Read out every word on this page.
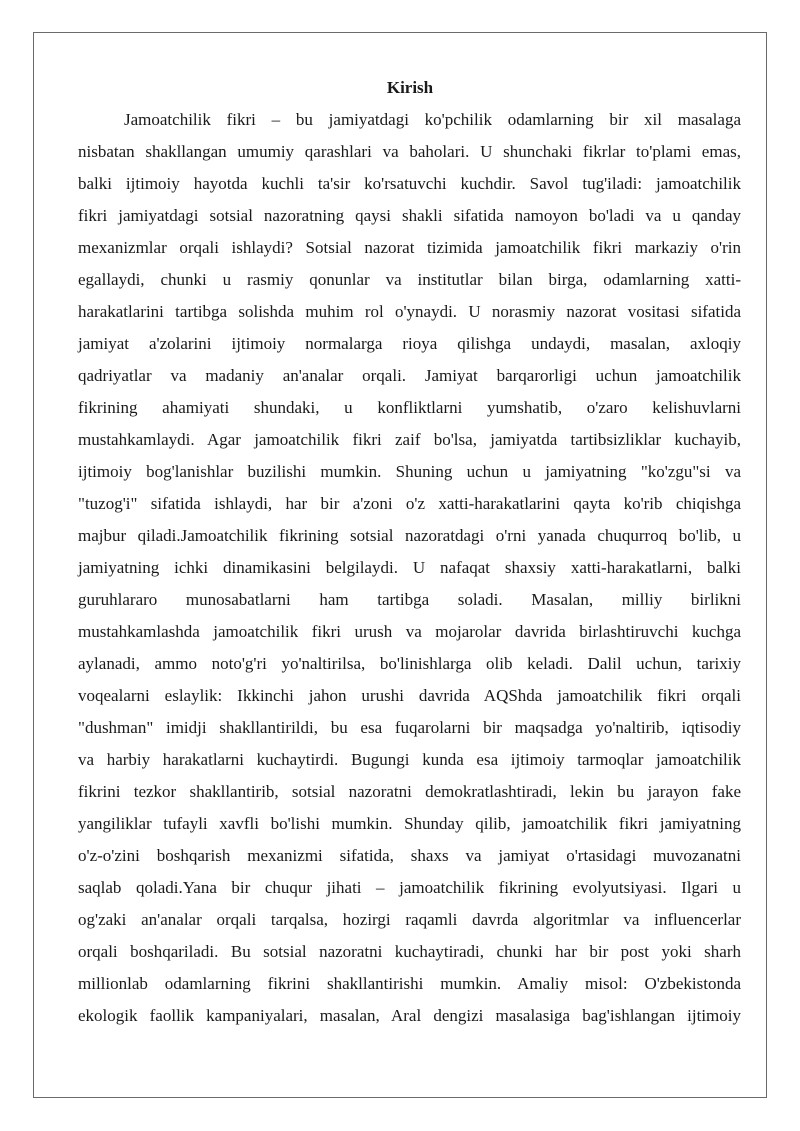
Kirish
Jamoatchilik fikri – bu jamiyatdagi ko'pchilik odamlarning bir xil masalaga
nisbatan shakllangan umumiy qarashlari va baholari. U shunchaki fikrlar to'plami emas,
balki ijtimoiy hayotda kuchli ta'sir ko'rsatuvchi kuchdir. Savol tug'iladi: jamoatchilik
fikri jamiyatdagi sotsial nazoratning qaysi shakli sifatida namoyon bo'ladi va u qanday
mexanizmlar orqali ishlaydi? Sotsial nazorat tizimida jamoatchilik fikri markaziy o'rin
egallaydi, chunki u rasmiy qonunlar va institutlar bilan birga, odamlarning xatti-
harakatlarini tartibga solishda muhim rol o'ynaydi. U norasmiy nazorat vositasi sifatida
jamiyat a'zolarini ijtimoiy normalarga rioya qilishga undaydi, masalan, axloqiy
qadriyatlar va madaniy an'analar orqali. Jamiyat barqarorligi uchun jamoatchilik
fikrining ahamiyati shundaki, u konfliktlarni yumshatib, o'zaro kelishuvlarni
mustahkamlaydi. Agar jamoatchilik fikri zaif bo'lsa, jamiyatda tartibsizliklar kuchayib,
ijtimoiy bog'lanishlar buzilishi mumkin. Shuning uchun u jamiyatning "ko'zgu"si va
"tuzog'i" sifatida ishlaydi, har bir a'zoni o'z xatti-harakatlarini qayta ko'rib chiqishga
majbur qiladi.Jamoatchilik fikrining sotsial nazoratdagi o'rni yanada chuqurroq bo'lib, u
jamiyatning ichki dinamikasini belgilaydi. U nafaqat shaxsiy xatti-harakatlarni, balki
guruhlararo munosabatlarni ham tartibga soladi. Masalan, milliy birlikni
mustahkamlashda jamoatchilik fikri urush va mojarolar davrida birlashtiruvchi kuchga
aylanadi, ammo noto'g'ri yo'naltirilsa, bo'linishlarga olib keladi. Dalil uchun, tarixiy
voqealarni eslaylik: Ikkinchi jahon urushi davrida AQShda jamoatchilik fikri orqali
"dushman" imidji shakllantirildi, bu esa fuqarolarni bir maqsadga yo'naltirib, iqtisodiy
va harbiy harakatlarni kuchaytirdi. Bugungi kunda esa ijtimoiy tarmoqlar jamoatchilik
fikrini tezkor shakllantirib, sotsial nazoratni demokratlashtiradi, lekin bu jarayon fake
yangiliklar tufayli xavfli bo'lishi mumkin. Shunday qilib, jamoatchilik fikri jamiyatning
o'z-o'zini boshqarish mexanizmi sifatida, shaxs va jamiyat o'rtasidagi muvozanatni
saqlab qoladi.Yana bir chuqur jihati – jamoatchilik fikrining evolyutsiyasi. Ilgari u
og'zaki an'analar orqali tarqalsa, hozirgi raqamli davrda algoritmlar va influencerlar
orqali boshqariladi. Bu sotsial nazoratni kuchaytiradi, chunki har bir post yoki sharh
millionlab odamlarning fikrini shakllantirishi mumkin. Amaliy misol: O'zbekistonda
ekologik faollik kampaniyalari, masalan, Aral dengizi masalasiga bag'ishlangan ijtimoiy
